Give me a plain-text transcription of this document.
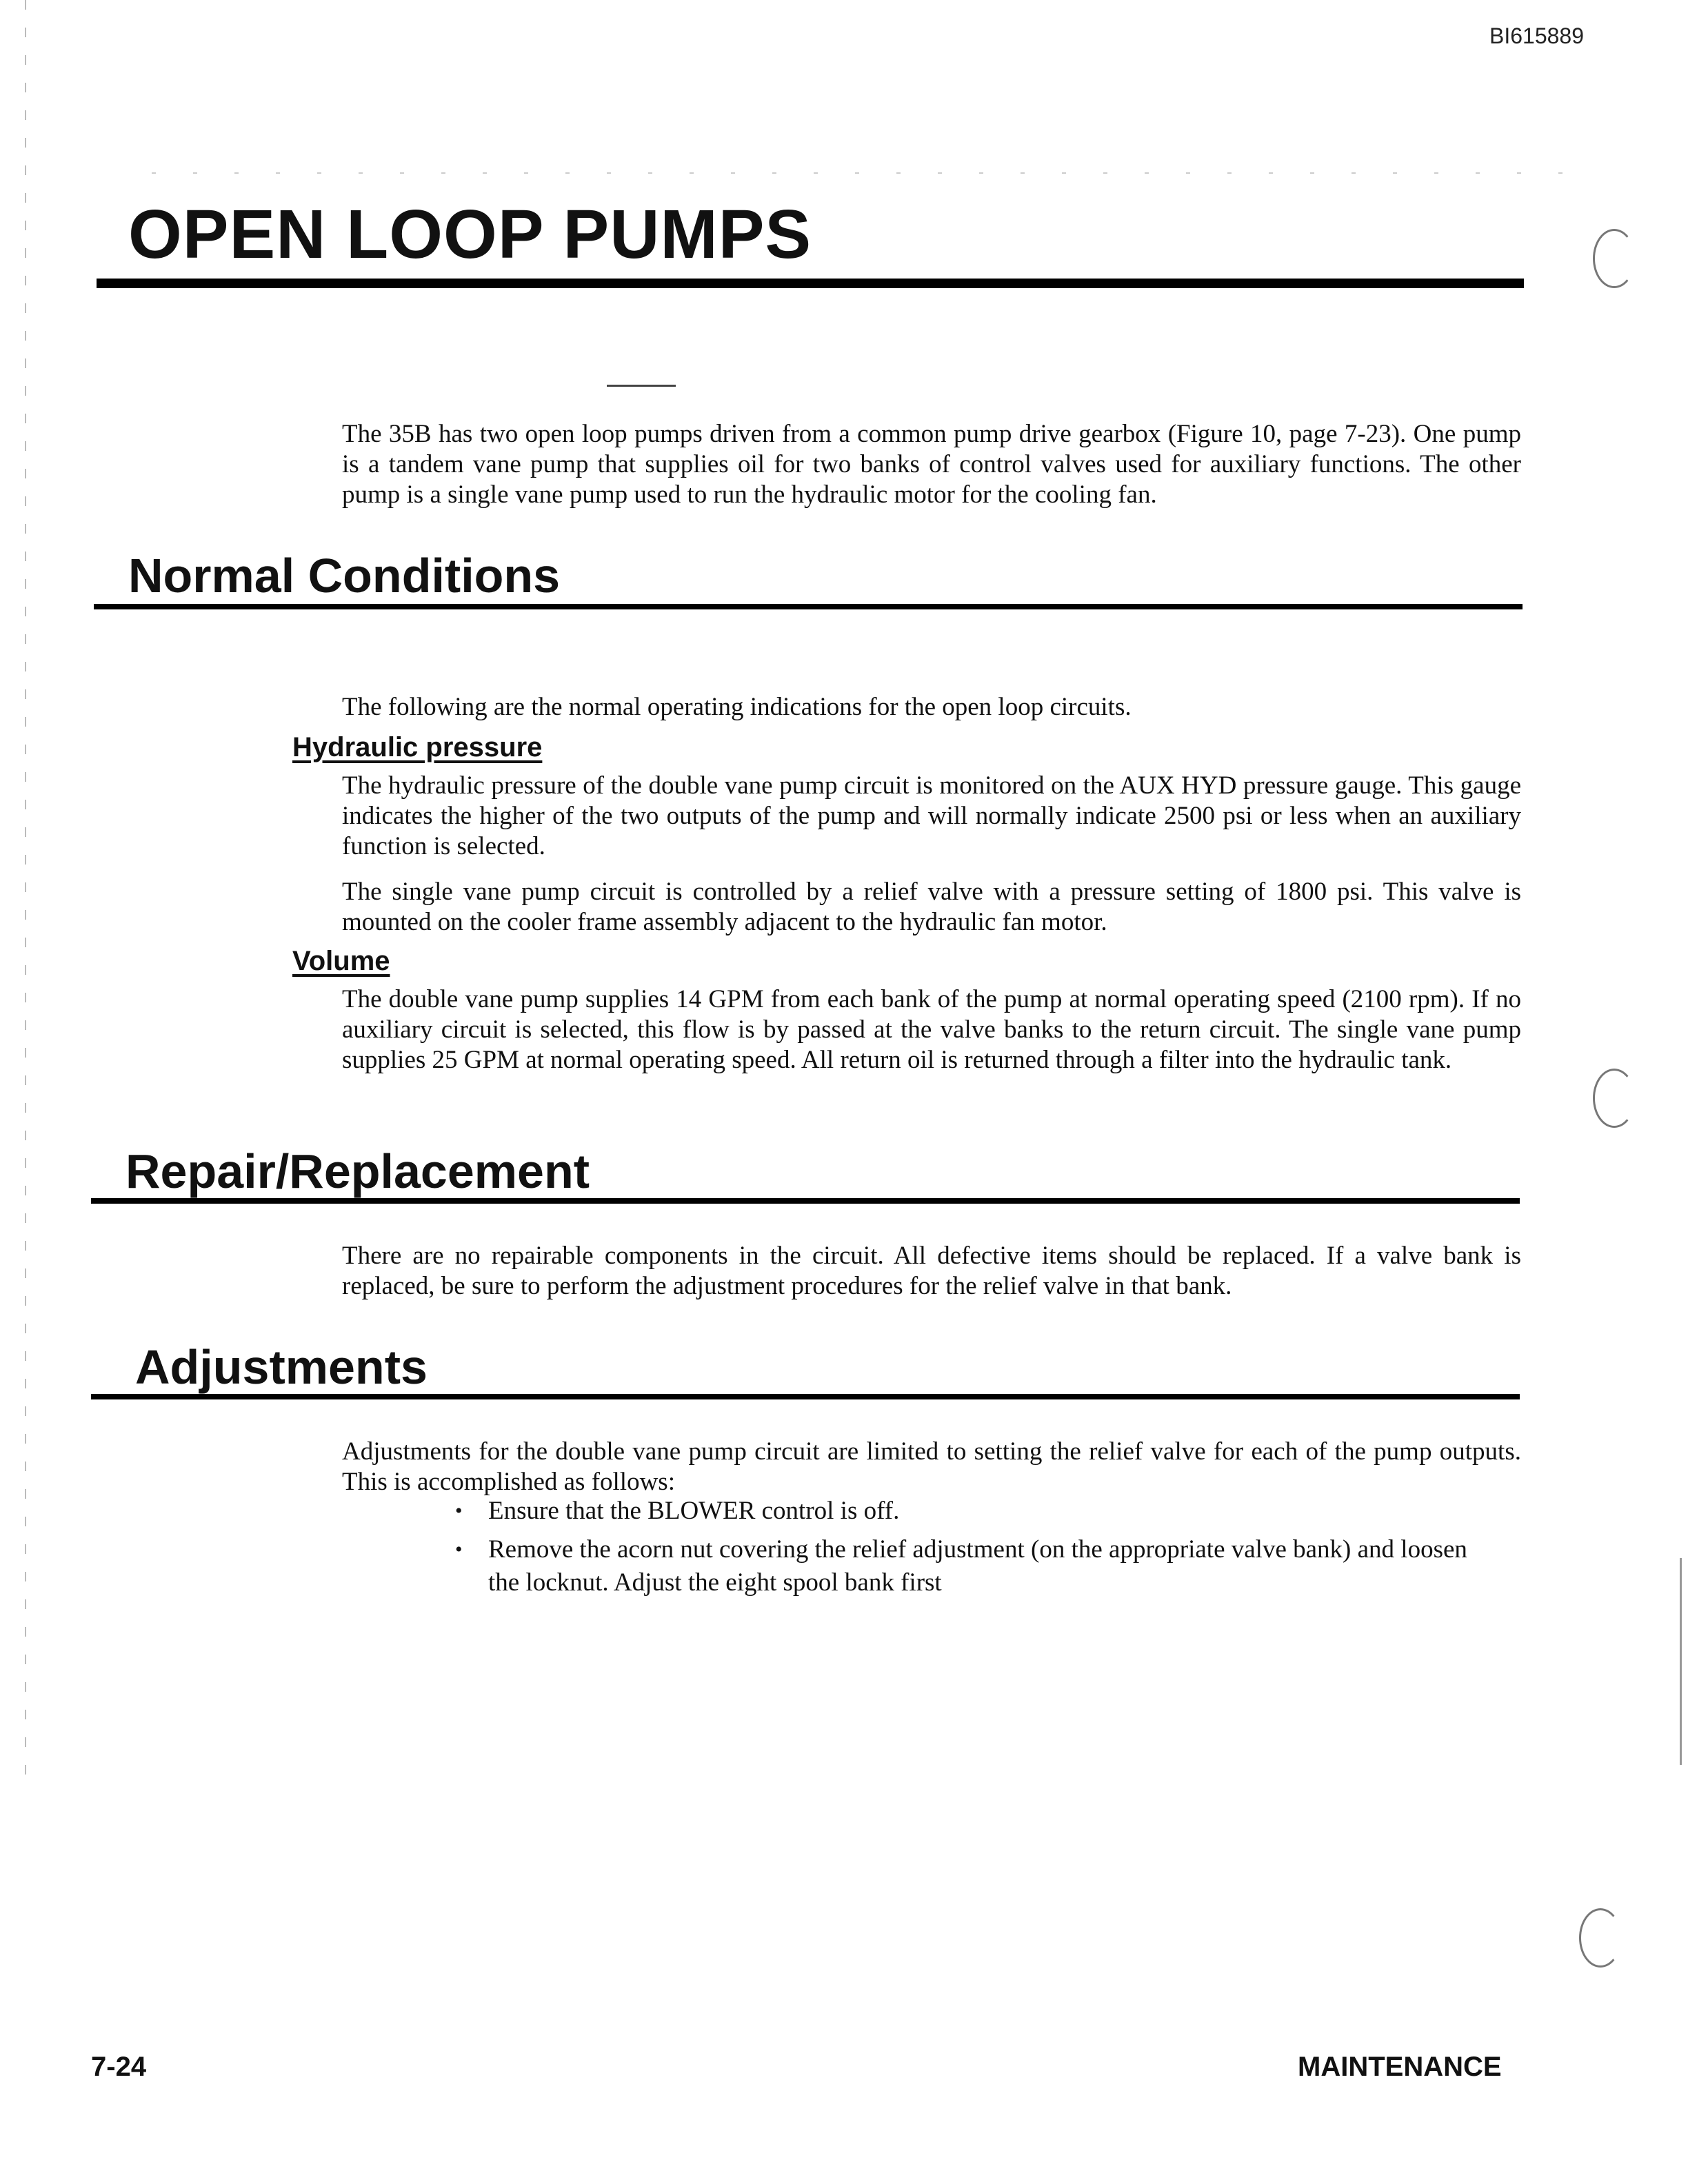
BI615889
OPEN LOOP PUMPS

The 35B has two open loop pumps driven from a common pump drive gearbox (Figure 10, page 7-23). One pump is a tandem vane pump that supplies oil for two banks of control valves used for auxiliary functions. The other pump is a single vane pump used to run the hydraulic motor for the cooling fan.

Normal Conditions

The following are the normal operating indications for the open loop circuits.

Hydraulic pressure

The hydraulic pressure of the double vane pump circuit is monitored on the AUX HYD pressure gauge. This gauge indicates the higher of the two outputs of the pump and will normally indicate 2500 psi or less when an auxiliary function is selected.

The single vane pump circuit is controlled by a relief valve with a pressure setting of 1800 psi. This valve is mounted on the cooler frame assembly adjacent to the hydraulic fan motor.

Volume

The double vane pump supplies 14 GPM from each bank of the pump at normal operating speed (2100 rpm). If no auxiliary circuit is selected, this flow is by passed at the valve banks to the return circuit. The single vane pump supplies 25 GPM at normal operating speed. All return oil is returned through a filter into the hydraulic tank.

Repair/Replacement

There are no repairable components in the circuit. All defective items should be replaced. If a valve bank is replaced, be sure to perform the adjustment procedures for the relief valve in that bank.

Adjustments

Adjustments for the double vane pump circuit are limited to setting the relief valve for each of the pump outputs. This is accomplished as follows:

• Ensure that the BLOWER control is off.
• Remove the acorn nut covering the relief adjustment (on the appropriate valve bank) and loosen the locknut. Adjust the eight spool bank first
7-24	MAINTENANCE
